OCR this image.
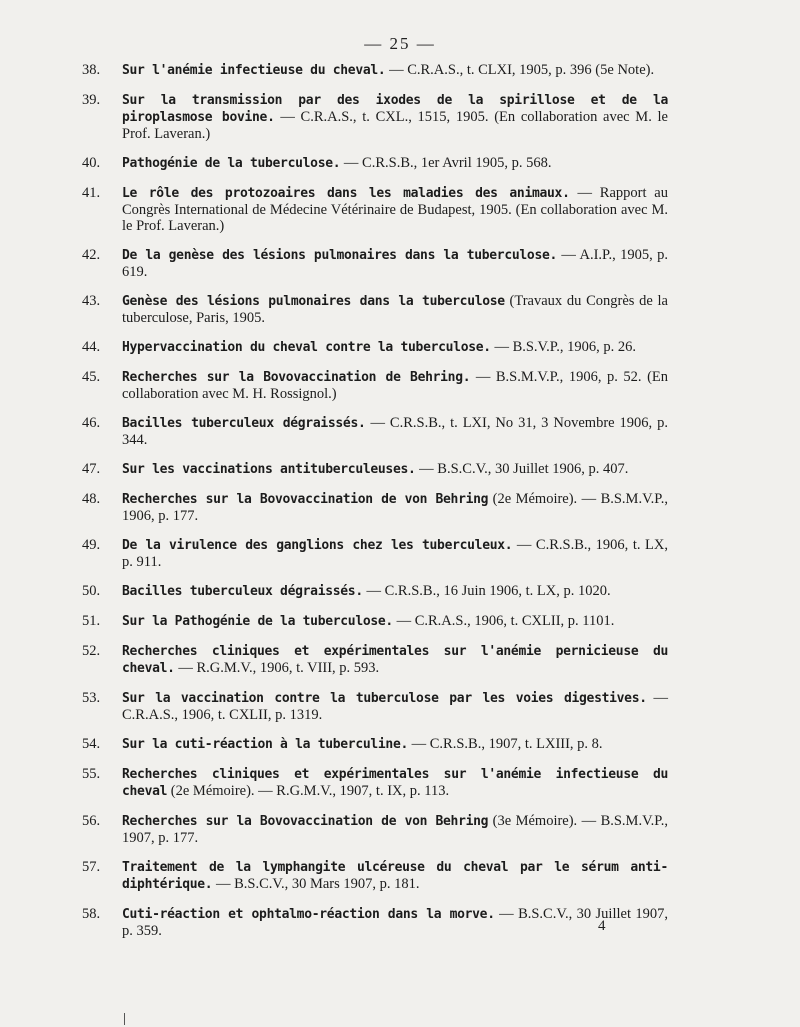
— 25 —
38. Sur l'anémie infectieuse du cheval. — C.R.A.S., t. CLXI, 1905, p. 396 (5e Note).
39. Sur la transmission par des ixodes de la spirillose et de la piroplasmose bovine. — C.R.A.S., t. CXL., 1515, 1905. (En collaboration avec M. le Prof. Laveran.)
40. Pathogénie de la tuberculose. — C.R.S.B., 1er Avril 1905, p. 568.
41. Le rôle des protozoaires dans les maladies des animaux. — Rapport au Congrès International de Médecine Vétérinaire de Budapest, 1905. (En collaboration avec M. le Prof. Laveran.)
42. De la genèse des lésions pulmonaires dans la tuberculose. — A.I.P., 1905, p. 619.
43. Genèse des lésions pulmonaires dans la tuberculose (Travaux du Congrès de la tuberculose, Paris, 1905.
44. Hypervaccination du cheval contre la tuberculose. — B.S.V.P., 1906, p. 26.
45. Recherches sur la Bovovaccination de Behring. — B.S.M.V.P., 1906, p. 52. (En collaboration avec M. H. Rossignol.)
46. Bacilles tuberculeux dégraissés. — C.R.S.B., t. LXI, No 31, 3 Novembre 1906, p. 344.
47. Sur les vaccinations antituberculeuses. — B.S.C.V., 30 Juillet 1906, p. 407.
48. Recherches sur la Bovovaccination de von Behring (2e Mémoire). — B.S.M.V.P., 1906, p. 177.
49. De la virulence des ganglions chez les tuberculeux. — C.R.S.B., 1906, t. LX, p. 911.
50. Bacilles tuberculeux dégraissés. — C.R.S.B., 16 Juin 1906, t. LX, p. 1020.
51. Sur la Pathogénie de la tuberculose. — C.R.A.S., 1906, t. CXLII, p. 1101.
52. Recherches cliniques et expérimentales sur l'anémie pernicieuse du cheval. — R.G.M.V., 1906, t. VIII, p. 593.
53. Sur la vaccination contre la tuberculose par les voies digestives. — C.R.A.S., 1906, t. CXLII, p. 1319.
54. Sur la cuti-réaction à la tuberculine. — C.R.S.B., 1907, t. LXIII, p. 8.
55. Recherches cliniques et expérimentales sur l'anémie infectieuse du cheval (2e Mémoire). — R.G.M.V., 1907, t. IX, p. 113.
56. Recherches sur la Bovovaccination de von Behring (3e Mémoire). — B.S.M.V.P., 1907, p. 177.
57. Traitement de la lymphangite ulcéreuse du cheval par le sérum anti-diphtérique. — B.S.C.V., 30 Mars 1907, p. 181.
58. Cuti-réaction et ophtalmo-réaction dans la morve. — B.S.C.V., 30 Juillet 1907, p. 359.	4
